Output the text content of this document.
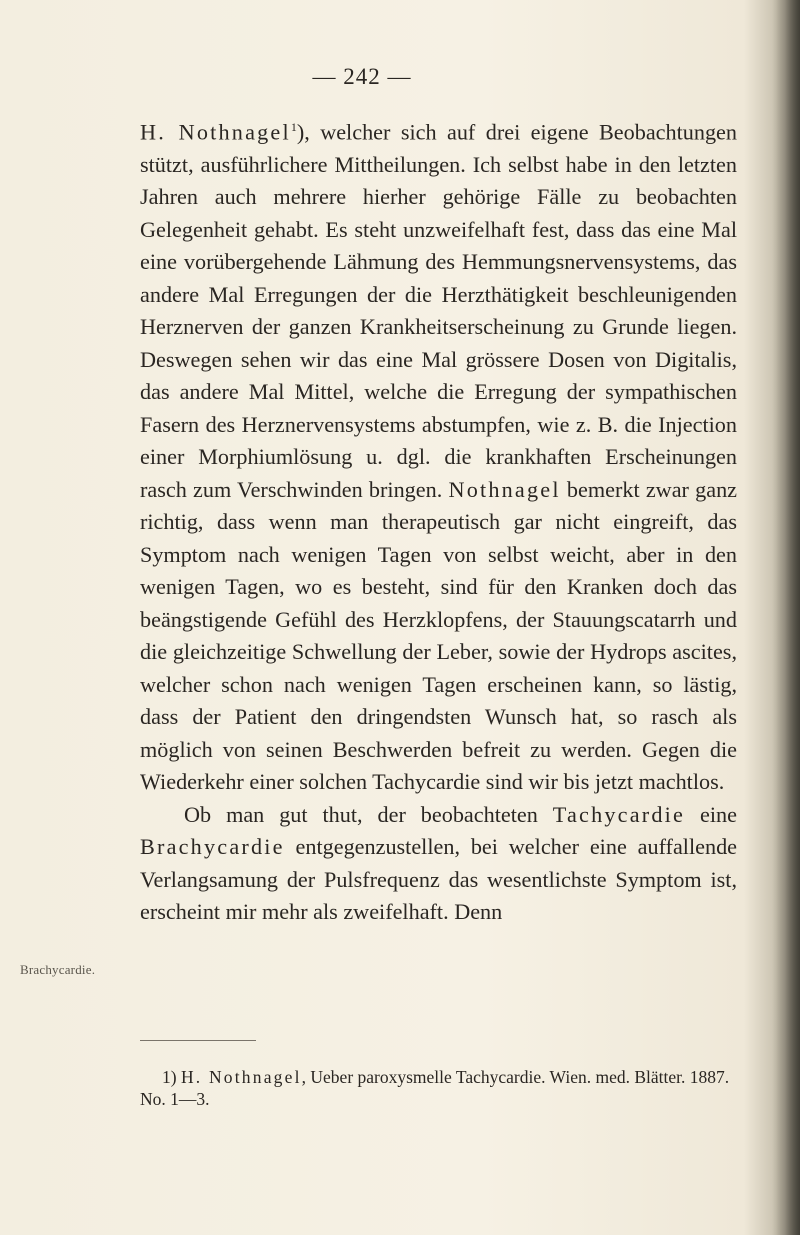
— 242 —

H. Nothnagel$^1$), welcher sich auf drei eigene Beobachtungen stützt, ausführlichere Mittheilungen. Ich selbst habe in den letzten Jahren auch mehrere hierher gehörige Fälle zu beobachten Gelegenheit gehabt. Es steht unzweifelhaft fest, dass das eine Mal eine vorübergehende Lähmung des Hemmungsnervensystems, das andere Mal Erregungen der die Herzthätigkeit beschleunigenden Herznerven der ganzen Krankheitserscheinung zu Grunde liegen. Deswegen sehen wir das eine Mal grössere Dosen von Digitalis, das andere Mal Mittel, welche die Erregung der sympathischen Fasern des Herznervensystems abstumpfen, wie z. B. die Injection einer Morphiumlösung u. dgl. die krankhaften Erscheinungen rasch zum Verschwinden bringen. Nothnagel bemerkt zwar ganz richtig, dass wenn man therapeutisch gar nicht eingreift, das Symptom nach wenigen Tagen von selbst weicht, aber in den wenigen Tagen, wo es besteht, sind für den Kranken doch das beängstigende Gefühl des Herzklopfens, der Stauungscatarrh und die gleichzeitige Schwellung der Leber, sowie der Hydrops ascites, welcher schon nach wenigen Tagen erscheinen kann, so lästig, dass der Patient den dringendsten Wunsch hat, so rasch als möglich von seinen Beschwerden befreit zu werden. Gegen die Wiederkehr einer solchen Tachycardie sind wir bis jetzt machtlos.

Ob man gut thut, der beobachteten Tachycardie eine Brachycardie entgegenzustellen, bei welcher eine auffallende Verlangsamung der Pulsfrequenz das wesentlichste Symptom ist, erscheint mir mehr als zweifelhaft. Denn

Brachycardie.
1) H. Nothnagel, Ueber paroxysmelle Tachycardie. Wien. med. Blätter. 1887. No. 1—3.
